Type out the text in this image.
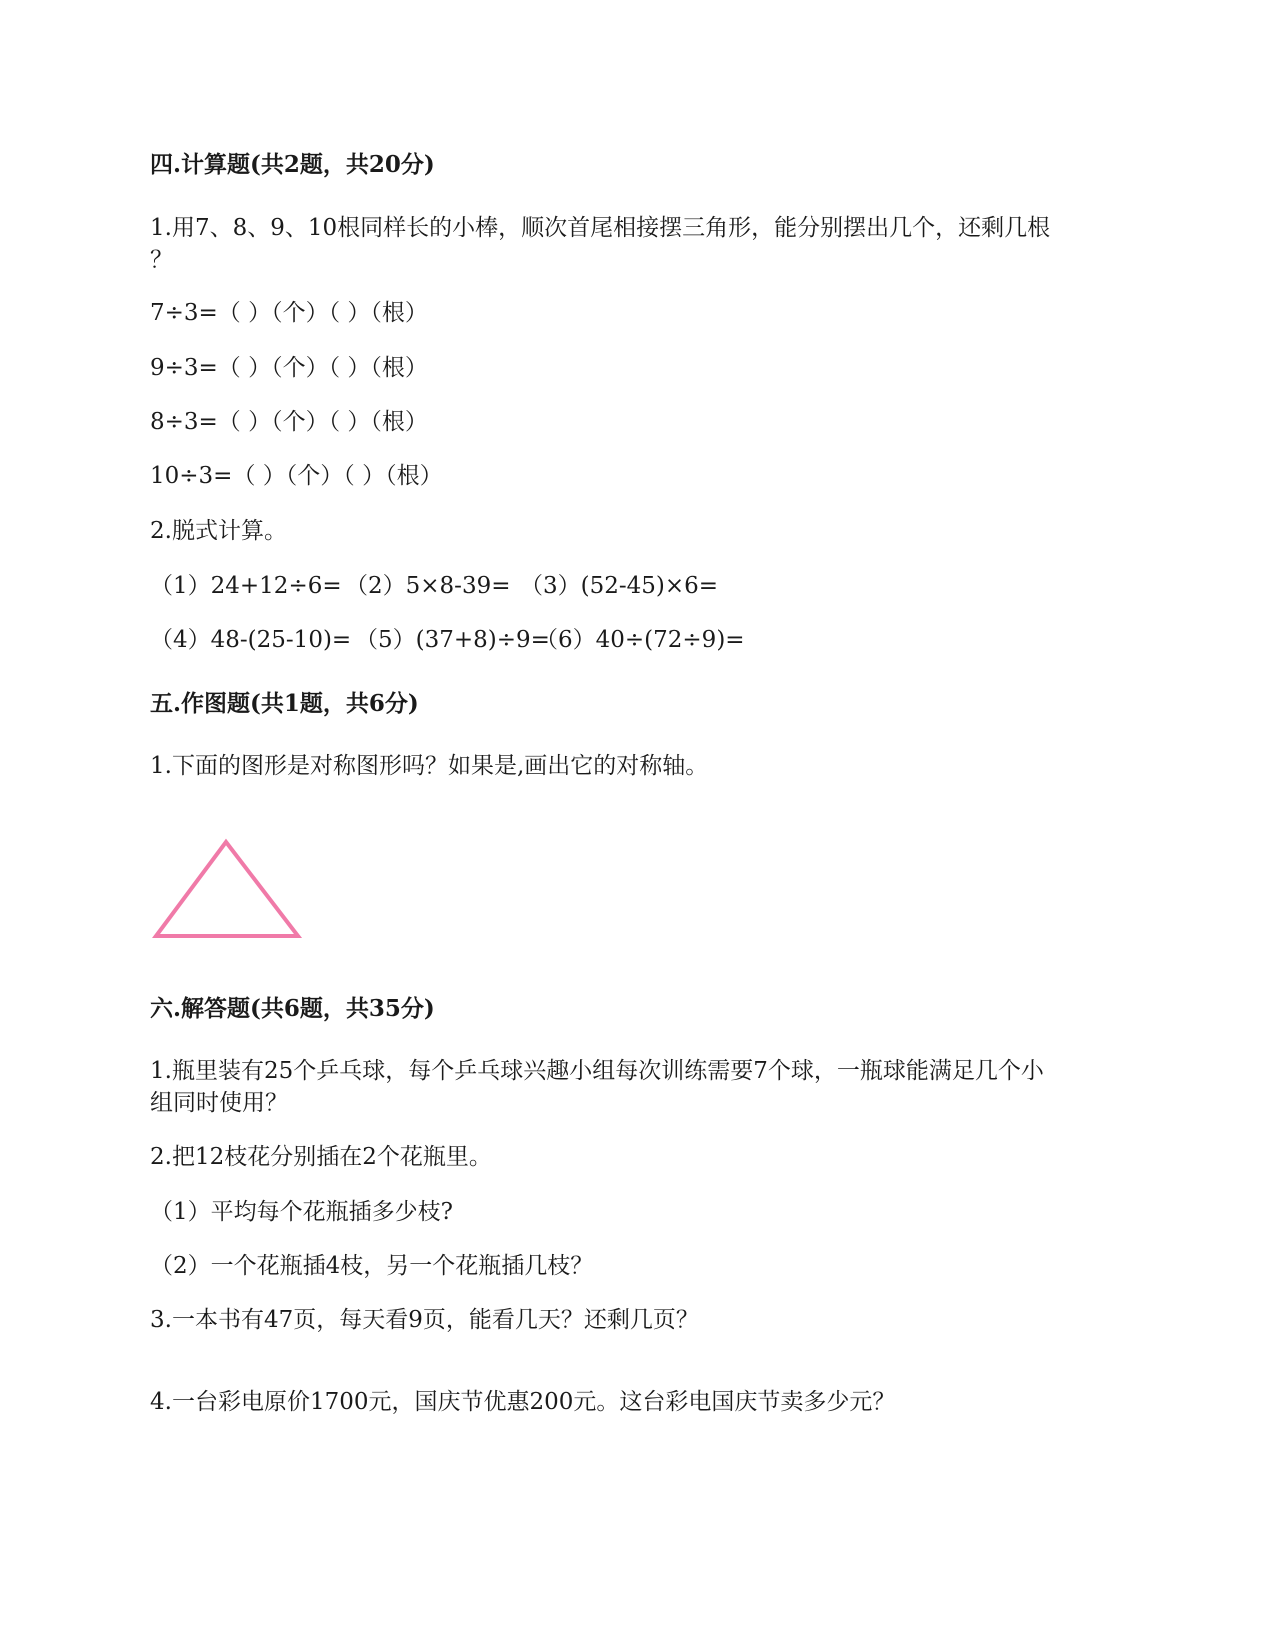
四.计算题(共2题，共20分)

1.用7、8、9、10根同样长的小棒，顺次首尾相接摆三角形，能分别摆出几个，还剩几根

？

7÷3=（ ）（个）（ ）（根）

9÷3=（ ）（个）（ ）（根）

8÷3=（ ）（个）（ ）（根）

10÷3=（ ）（个）（ ）（根）

2.脱式计算。

（1）24+12÷6= （2）5×8-39= （3）(52-45)×6=

（4）48-(25-10)= （5）(37+8)÷9=（6）40÷(72÷9)=

五.作图题(共1题，共6分)

1.下面的图形是对称图形吗？如果是,画出它的对称轴。

六.解答题(共6题，共35分)

1.瓶里装有25个乒乓球，每个乒乓球兴趣小组每次训练需要7个球，一瓶球能满足几个小

组同时使用？

2.把12枝花分别插在2个花瓶里。

（1）平均每个花瓶插多少枝?

（2）一个花瓶插4枝，另一个花瓶插几枝？

3.一本书有47页，每天看9页，能看几天？还剩几页？

4.一台彩电原价1700元，国庆节优惠200元。这台彩电国庆节卖多少元？
